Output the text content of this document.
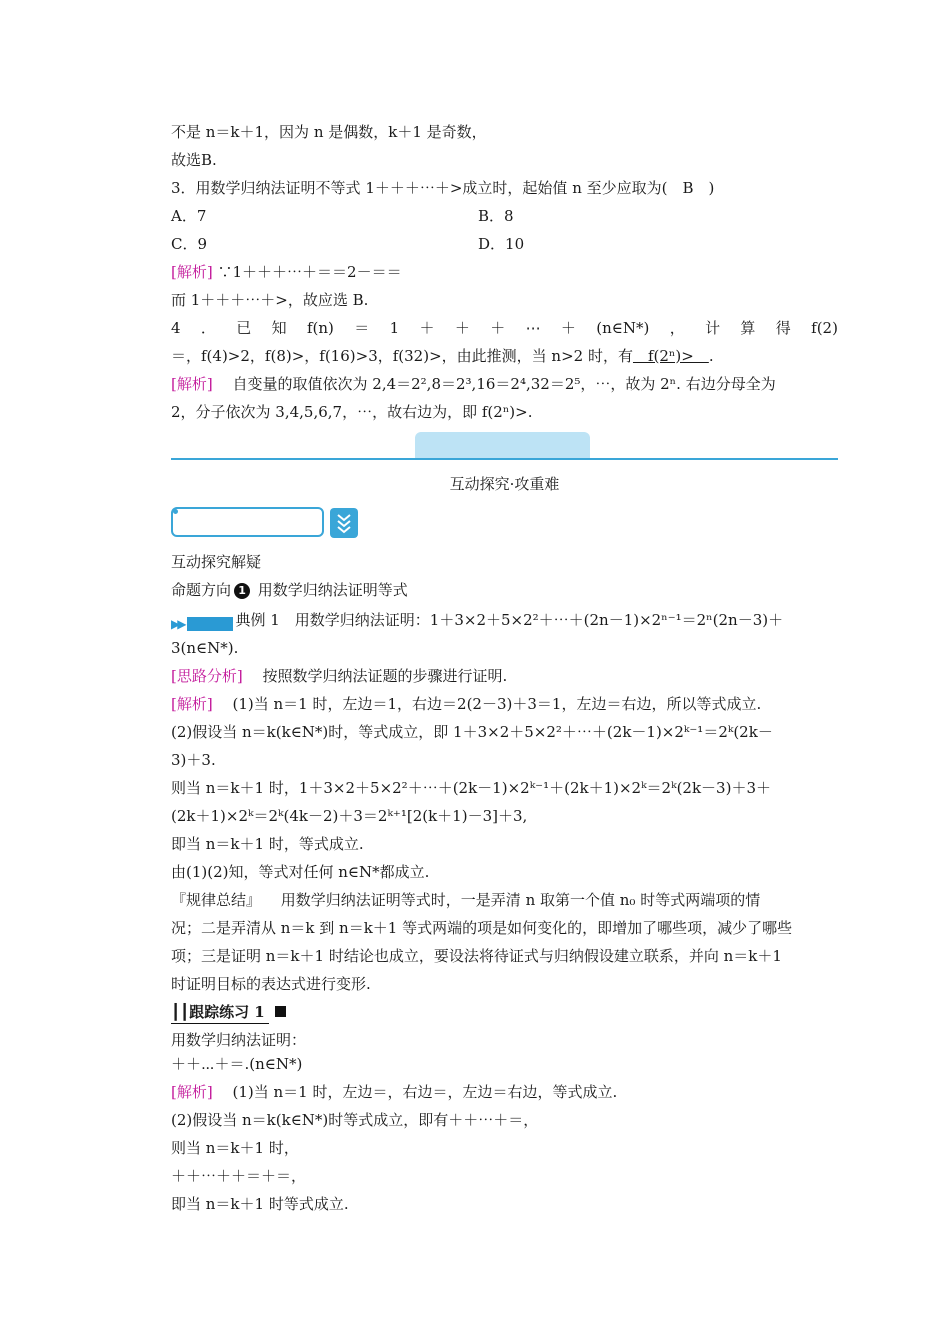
不是 n＝k＋1，因为 n 是偶数，k＋1 是奇数，
故选B.
3．用数学归纳法证明不等式 1＋＋＋⋯＋>成立时，起始值 n 至少应取为(　B　)
A．7	B．8
C．9	D．10
[解析] ∵1＋＋＋⋯＋＝＝2－＝＝
而 1＋＋＋⋯＋>，故应选 B.
4 ． 已 知 f(n) ＝ 1 ＋ ＋ ＋ ⋯ ＋ (n∈N*) ， 计 算 得 f(2)
＝，f(4)>2，f(8)>，f(16)>3，f(32)>，由此推测，当 n>2 时，有　f(2ⁿ)>　.
[解析] 　自变量的取值依次为 2,4＝2²,8＝2³,16＝2⁴,32＝2⁵，⋯，故为 2ⁿ. 右边分母全为
2，分子依次为 3,4,5,6,7，⋯，故右边为，即 f(2ⁿ)>.
互动探究·攻重难
互动探究解疑
命题方向 1 用数学归纳法证明等式
▶▶	典例 1　用数学归纳法证明：1＋3×2＋5×2²＋⋯＋(2n－1)×2ⁿ⁻¹＝2ⁿ(2n－3)＋
3(n∈N*).
[思路分析] 　按照数学归纳法证题的步骤进行证明.
[解析] 　(1)当 n＝1 时，左边＝1，右边＝2(2－3)＋3＝1，左边＝右边，所以等式成立.
(2)假设当 n＝k(k∈N*)时，等式成立，即 1＋3×2＋5×2²＋⋯＋(2k－1)×2ᵏ⁻¹＝2ᵏ(2k－
3)＋3.
则当 n＝k＋1 时，1＋3×2＋5×2²＋⋯＋(2k－1)×2ᵏ⁻¹＋(2k＋1)×2ᵏ＝2ᵏ(2k－3)＋3＋
(2k＋1)×2ᵏ＝2ᵏ(4k－2)＋3＝2ᵏ⁺¹[2(k＋1)－3]＋3,
即当 n＝k＋1 时，等式成立.
由(1)(2)知，等式对任何 n∈N*都成立.
『规律总结』 　用数学归纳法证明等式时，一是弄清 n 取第一个值 n₀ 时等式两端项的情
况；二是弄清从 n＝k 到 n＝k＋1 等式两端的项是如何变化的，即增加了哪些项，减少了哪些
项；三是证明 n＝k＋1 时结论也成立，要设法将待证式与归纳假设建立联系，并向 n＝k＋1
时证明目标的表达式进行变形.
┃┃跟踪练习 1
用数学归纳法证明：
＋＋⋯＋＝.(n∈N*)
[解析] 　(1)当 n＝1 时，左边＝，右边＝，左边＝右边，等式成立.
(2)假设当 n＝k(k∈N*)时等式成立，即有＋＋⋯＋＝，
则当 n＝k＋1 时，
＋＋⋯＋＋＝＋＝，
即当 n＝k＋1 时等式成立.
